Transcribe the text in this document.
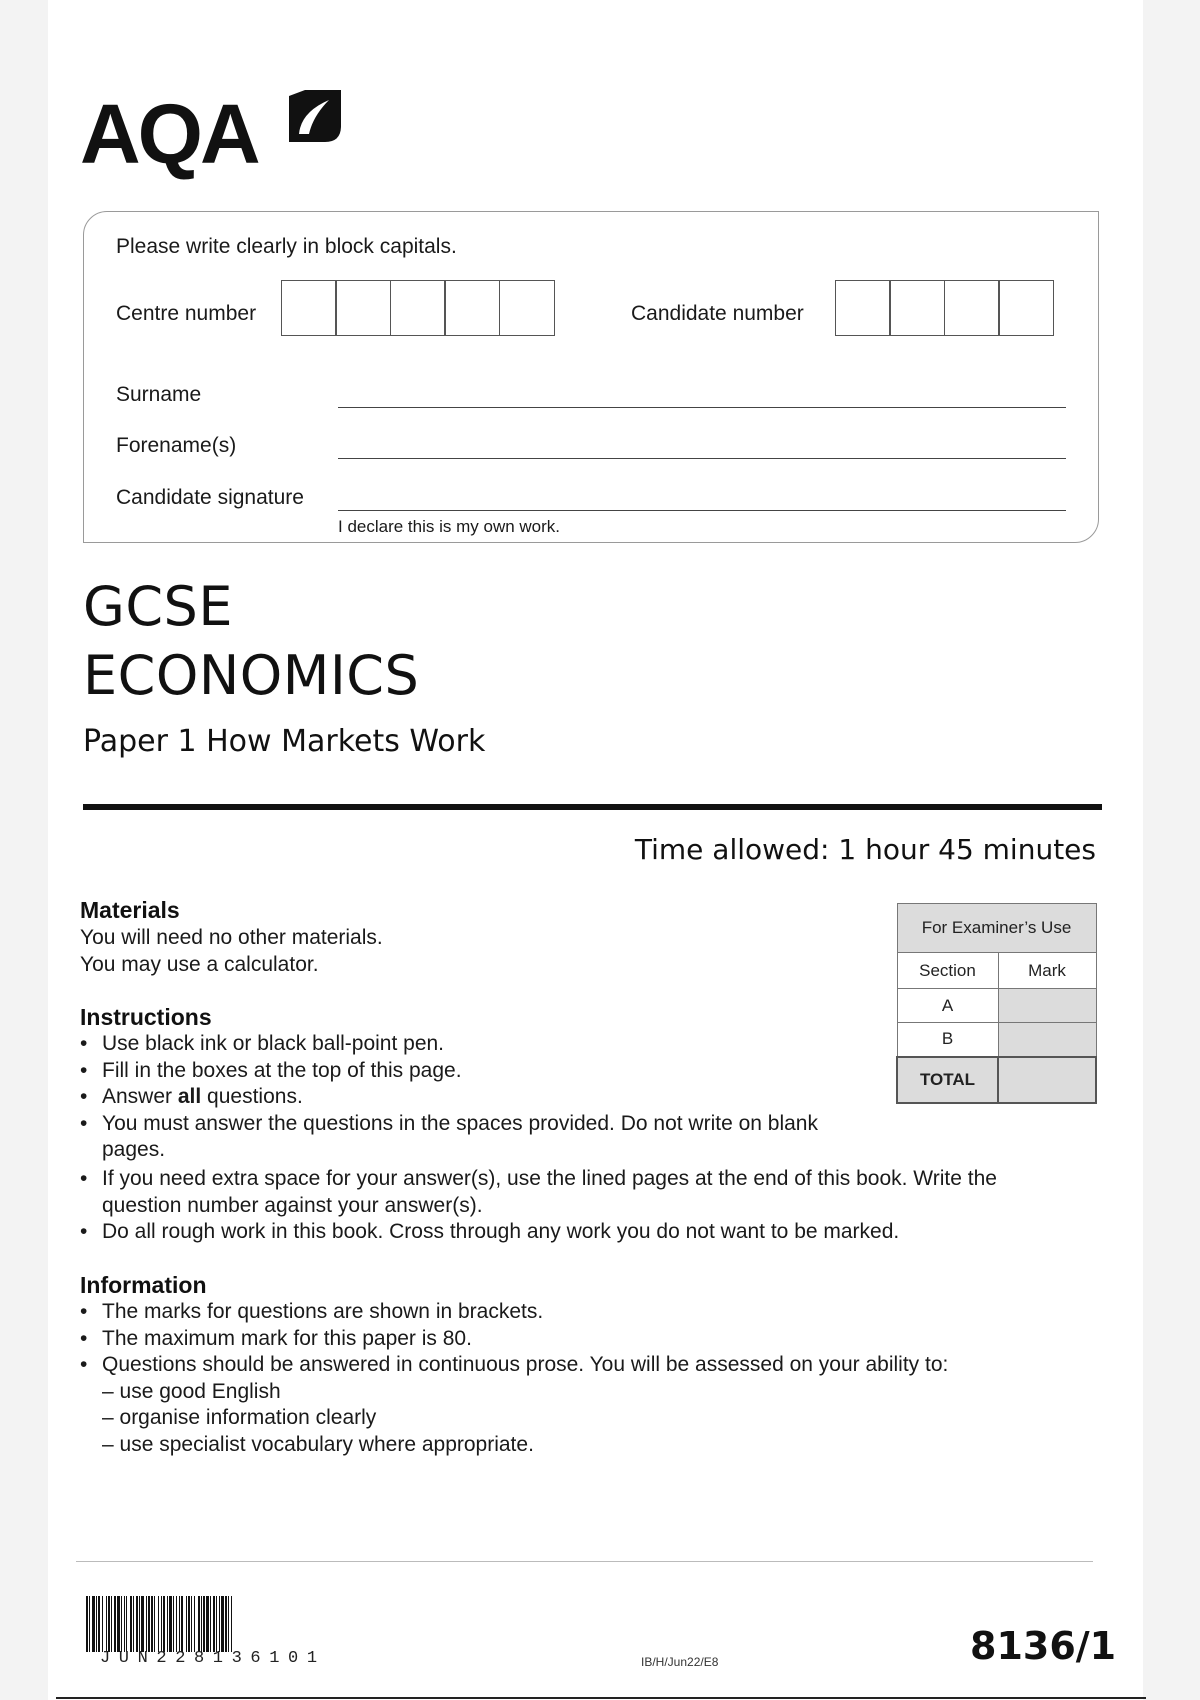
AQA
Please write clearly in block capitals.
Centre number	Candidate number
Surname
Forename(s)
Candidate signature
I declare this is my own work.
GCSE
ECONOMICS
Paper 1 How Markets Work
Time allowed: 1 hour 45 minutes
Materials
You will need no other materials.
You may use a calculator.
Instructions
• Use black ink or black ball-point pen.
• Fill in the boxes at the top of this page.
• Answer all questions.
• You must answer the questions in the spaces provided. Do not write on blank pages.
• If you need extra space for your answer(s), use the lined pages at the end of this book. Write the question number against your answer(s).
• Do all rough work in this book. Cross through any work you do not want to be marked.
Information
• The marks for questions are shown in brackets.
• The maximum mark for this paper is 80.
• Questions should be answered in continuous prose. You will be assessed on your ability to:
– use good English
– organise information clearly
– use specialist vocabulary where appropriate.
For Examiner’s Use	
Section	Mark
A	
B	
TOTAL	
JUN228136101	IB/H/Jun22/E8	8136/1
